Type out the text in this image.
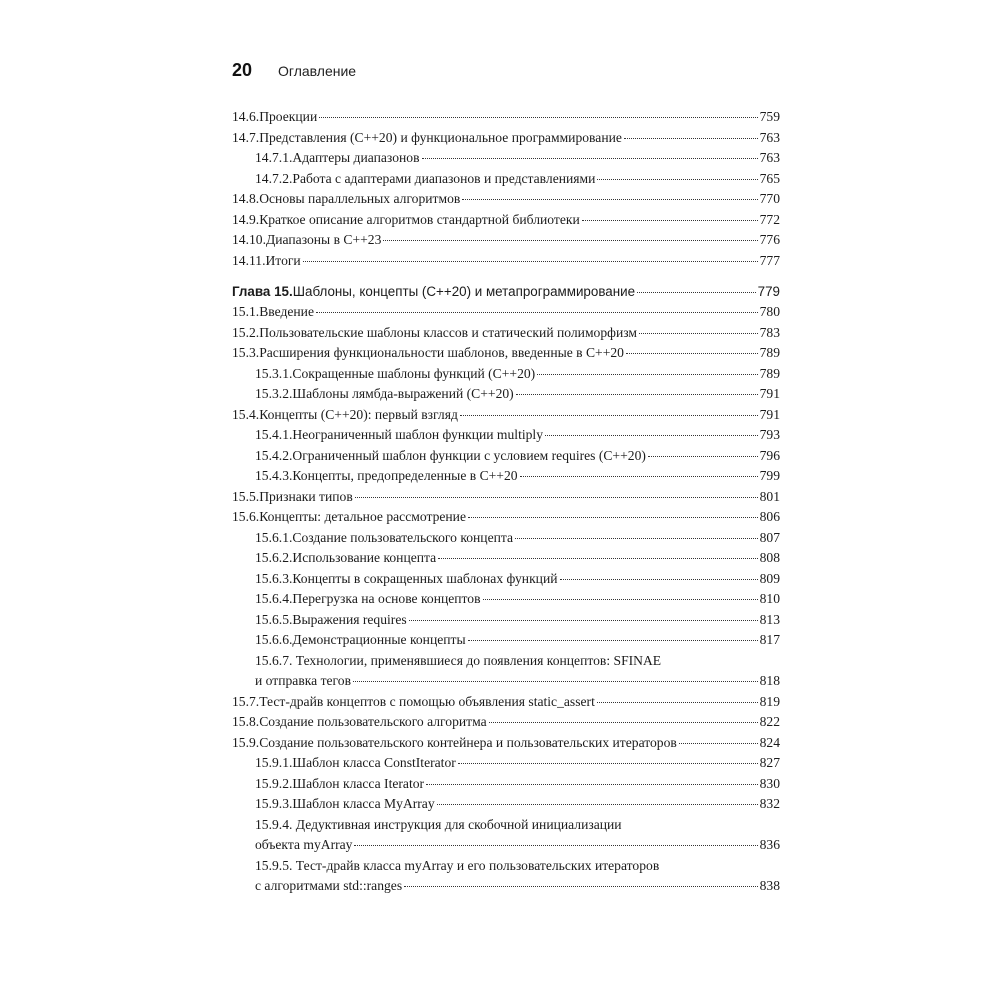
20 Оглавление
14.6. Проекции	759
14.7. Представления (C++20) и функциональное программирование	763
14.7.1. Адаптеры диапазонов	763
14.7.2. Работа с адаптерами диапазонов и представлениями	765
14.8. Основы параллельных алгоритмов	770
14.9. Краткое описание алгоритмов стандартной библиотеки	772
14.10. Диапазоны в C++23	776
14.11. Итоги	777
Глава 15. Шаблоны, концепты (C++20) и метапрограммирование	779
15.1. Введение	780
15.2. Пользовательские шаблоны классов и статический полиморфизм	783
15.3. Расширения функциональности шаблонов, введенные в C++20	789
15.3.1. Сокращенные шаблоны функций (C++20)	789
15.3.2. Шаблоны лямбда-выражений (C++20)	791
15.4. Концепты (C++20): первый взгляд	791
15.4.1. Неограниченный шаблон функции multiply	793
15.4.2. Ограниченный шаблон функции с условием requires (C++20)	796
15.4.3. Концепты, предопределенные в C++20	799
15.5. Признаки типов	801
15.6. Концепты: детальное рассмотрение	806
15.6.1. Создание пользовательского концепта	807
15.6.2. Использование концепта	808
15.6.3. Концепты в сокращенных шаблонах функций	809
15.6.4. Перегрузка на основе концептов	810
15.6.5. Выражения requires	813
15.6.6. Демонстрационные концепты	817
15.6.7. Технологии, применявшиеся до появления концептов: SFINAE
и отправка тегов	818
15.7. Тест-драйв концептов с помощью объявления static_assert	819
15.8. Создание пользовательского алгоритма	822
15.9. Создание пользовательского контейнера и пользовательских итераторов	824
15.9.1. Шаблон класса ConstIterator	827
15.9.2. Шаблон класса Iterator	830
15.9.3. Шаблон класса MyArray	832
15.9.4. Дедуктивная инструкция для скобочной инициализации
объекта myArray	836
15.9.5. Тест-драйв класса myArray и его пользовательских итераторов
с алгоритмами std::ranges	838
